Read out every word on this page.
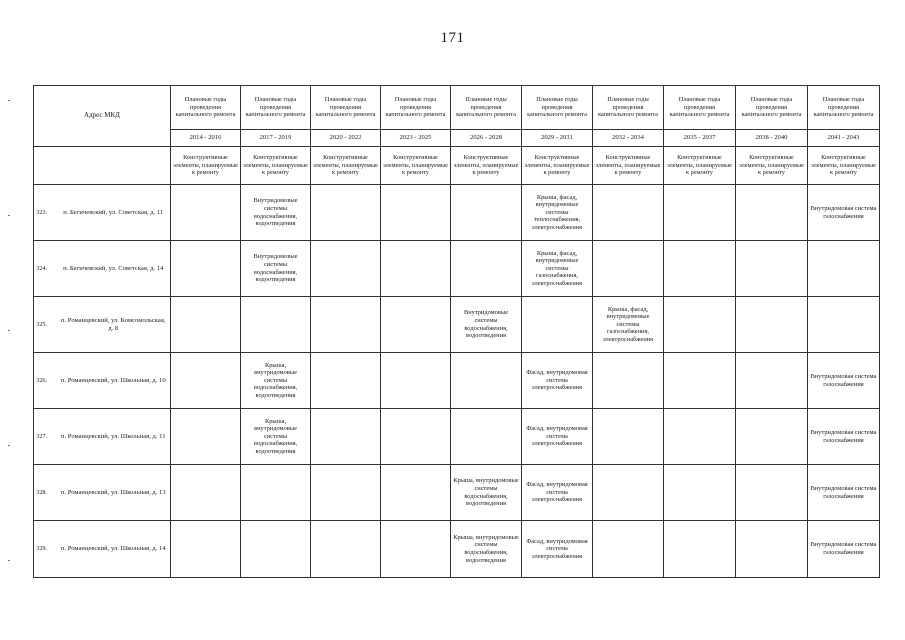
171
Адрес МКД		Плановые годы проведения капитального ремонта	Плановые годы проведения капитального ремонта	Плановые годы проведения капитального ремонта	Плановые годы проведения капитального ремонта	Плановые годы проведения капитального ремонта	Плановые годы проведения капитального ремонта	Плановые годы проведения капитального ремонта	Плановые годы проведения капитального ремонта	Плановые годы проведения капитального ремонта	Плановые годы проведения капитального ремонта
		2014 - 2016	2017 - 2019	2020 - 2022	2023 - 2025	2026 - 2028	2029 - 2031	2032 - 2034	2035 - 2037	2038 - 2040	2041 - 2043
		Конструктивные элементы, планируемые к ремонту	Конструктивные элементы, планируемые к ремонту	Конструктивные элементы, планируемые к ремонту	Конструктивные элементы, планируемые к ремонту	Конструктивные элементы, планируемые к ремонту	Конструктивные элементы, планируемые к ремонту	Конструктивные элементы, планируемые к ремонту	Конструктивные элементы, планируемые к ремонту	Конструктивные элементы, планируемые к ремонту	Конструктивные элементы, планируемые к ремонту
323.	п. Бегичевский, ул. Советская, д. 11		Внутридомовые системы водоснабжения, водоотведения				Крыша, фасад, внутридомовые системы теплоснабжения, электроснабжения				Внутридомовая система газоснабжения
324.	п. Бегичевский, ул. Советская, д. 14		Внутридомовые системы водоснабжения, водоотведения				Крыша, фасад, внутридомовые системы газоснабжения, электроснабжения				
325.	п. Романцевский, ул. Комсомольская, д. 8					Внутридомовые системы водоснабжения, водоотведения		Крыша, фасад, внутридомовые системы газоснабжения, электроснабжения			
326.	п. Романцевский, ул. Школьная, д. 10		Крыша, внутридомовые системы водоснабжения, водоотведения				Фасад, внутридомовая система электроснабжения				Внутридомовая система газоснабжения
327.	п. Романцевский, ул. Школьная, д. 11		Крыша, внутридомовые системы водоснабжения, водоотведения				Фасад, внутридомовая система электроснабжения				Внутридомовая система газоснабжения
328.	п. Романцевский, ул. Школьная, д. 13					Крыша, внутридомовые системы водоснабжения, водоотведения	Фасад, внутридомовая система электроснабжения				Внутридомовая система газоснабжения
329.	п. Романцевский, ул. Школьная, д. 14					Крыша, внутридомовые системы водоснабжения, водоотведения	Фасад, внутридомовая система электроснабжения				Внутридомовая система газоснабжения
